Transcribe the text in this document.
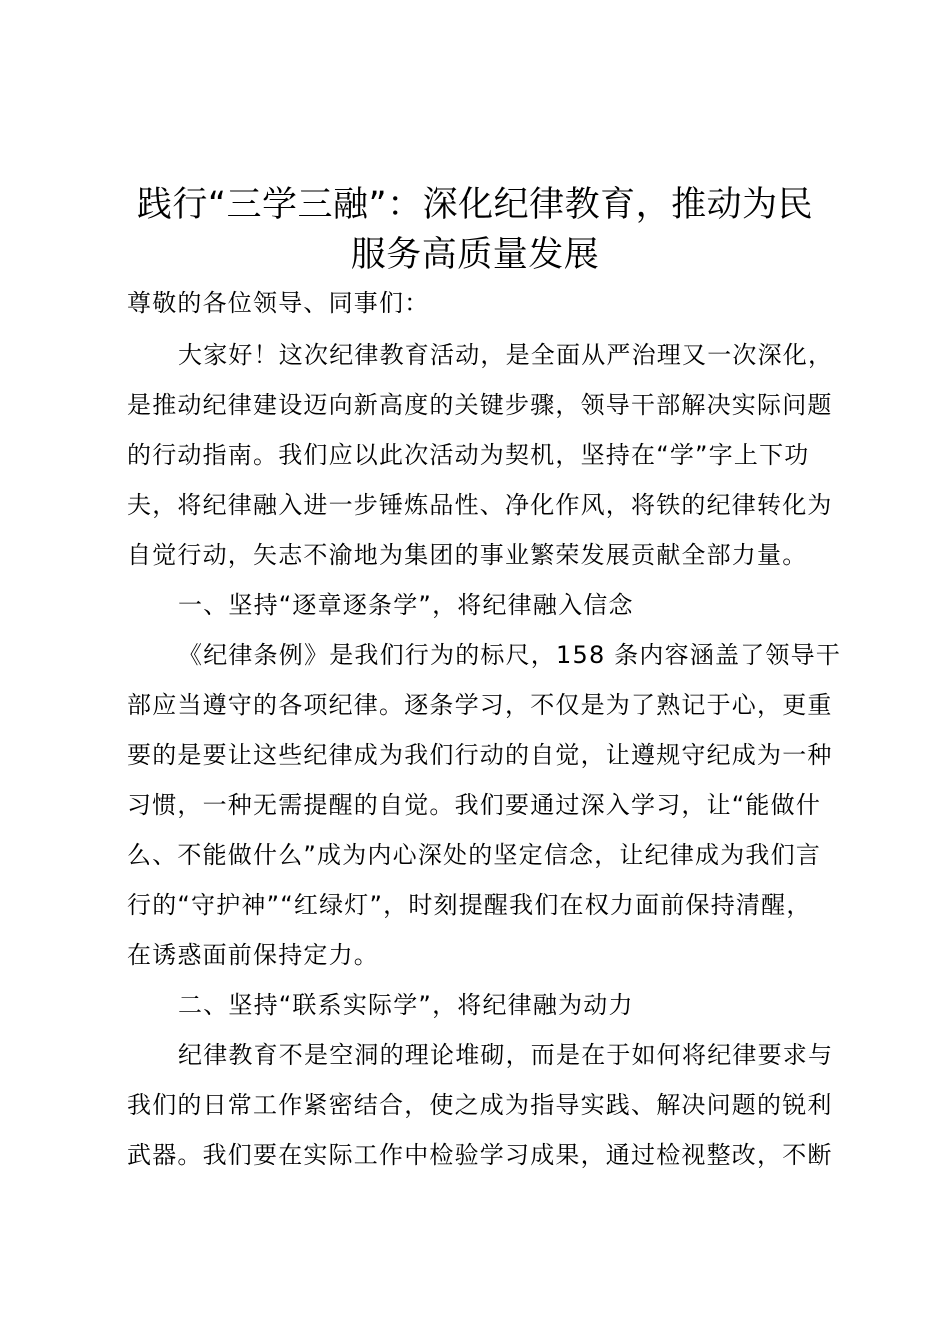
践行“三学三融”：深化纪律教育，推动为民
服务高质量发展
尊敬的各位领导、同事们：
大家好！这次纪律教育活动，是全面从严治理又一次深化，
是推动纪律建设迈向新高度的关键步骤，领导干部解决实际问题
的行动指南。我们应以此次活动为契机，坚持在“学”字上下功
夫，将纪律融入进一步锤炼品性、净化作风，将铁的纪律转化为
自觉行动，矢志不渝地为集团的事业繁荣发展贡献全部力量。
一、坚持“逐章逐条学”，将纪律融入信念
《纪律条例》是我们行为的标尺，158 条内容涵盖了领导干
部应当遵守的各项纪律。逐条学习，不仅是为了熟记于心，更重
要的是要让这些纪律成为我们行动的自觉，让遵规守纪成为一种
习惯，一种无需提醒的自觉。我们要通过深入学习，让“能做什
么、不能做什么”成为内心深处的坚定信念，让纪律成为我们言
行的“守护神”“红绿灯”，时刻提醒我们在权力面前保持清醒，
在诱惑面前保持定力。
二、坚持“联系实际学”，将纪律融为动力
纪律教育不是空洞的理论堆砌，而是在于如何将纪律要求与
我们的日常工作紧密结合，使之成为指导实践、解决问题的锐利
武器。我们要在实际工作中检验学习成果，通过检视整改，不断
